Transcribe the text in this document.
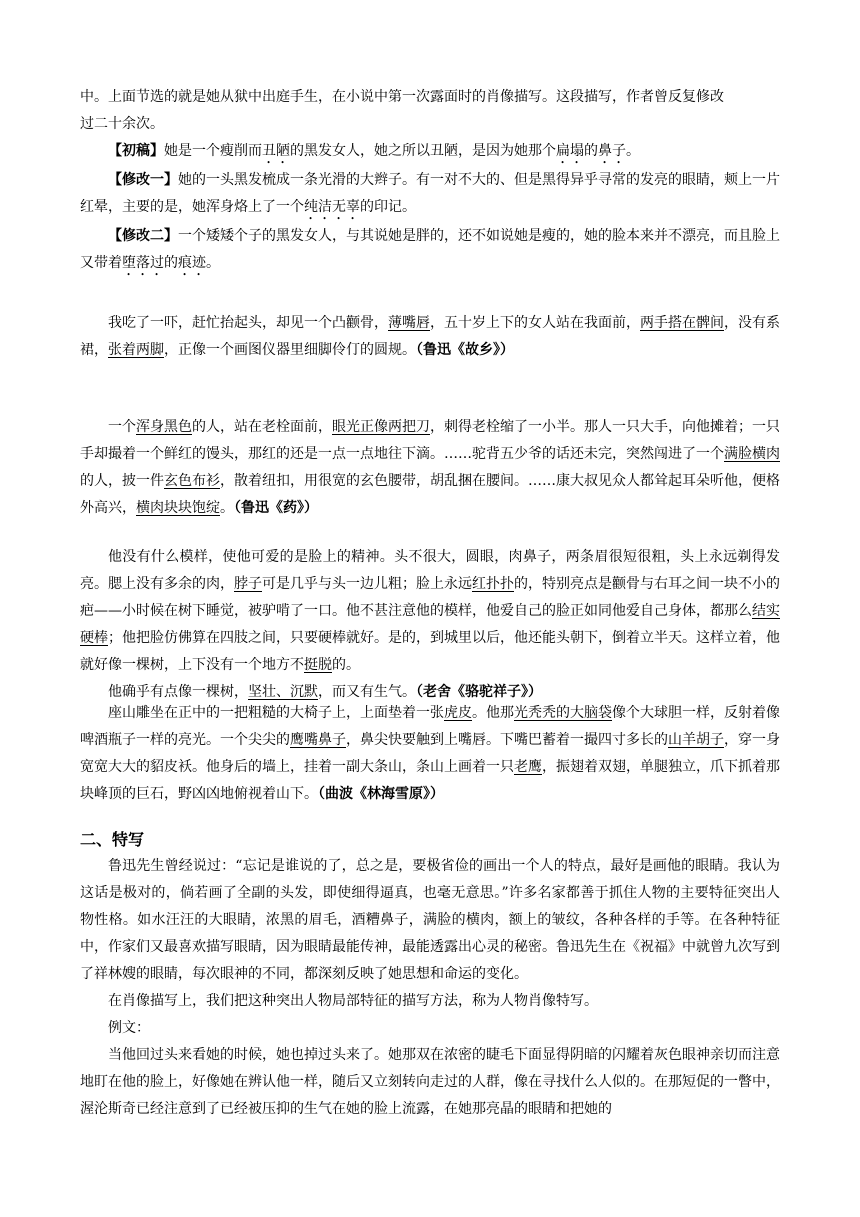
中。上面节选的就是她从狱中出庭手生，在小说中第一次露面时的肖像描写。这段描写，作者曾反复修改

过二十余次。

【初稿】她是一个瘦削而丑陋的黑发女人，她之所以丑陋，是因为她那个扁塌的鼻子。

【修改一】她的一头黑发梳成一条光滑的大辫子。有一对不大的、但是黑得异乎寻常的发亮的眼睛，颊上一片红晕，主要的是，她浑身烙上了一个纯洁无辜的印记。

【修改二】一个矮矮个子的黑发女人，与其说她是胖的，还不如说她是瘦的，她的脸本来并不漂亮，而且脸上又带着堕落过的痕迹。

我吃了一吓，赶忙抬起头，却见一个凸颧骨，薄嘴唇，五十岁上下的女人站在我面前，两手搭在髀间，没有系裙，张着两脚，正像一个画图仪器里细脚伶仃的圆规。（鲁迅《故乡》）

一个浑身黑色的人，站在老栓面前，眼光正像两把刀，刺得老栓缩了一小半。那人一只大手，向他摊着；一只手却撮着一个鲜红的馒头，那红的还是一点一点地往下滴。……驼背五少爷的话还未完，突然闯进了一个满脸横肉的人，披一件玄色布衫，散着纽扣，用很宽的玄色腰带，胡乱捆在腰间。……康大叔见众人都耸起耳朵听他，便格外高兴，横肉块块饱绽。（鲁迅《药》）

他没有什么模样，使他可爱的是脸上的精神。头不很大，圆眼，肉鼻子，两条眉很短很粗，头上永远剃得发亮。腮上没有多余的肉，脖子可是几乎与头一边儿粗；脸上永远红扑扑的，特别亮点是颧骨与右耳之间一块不小的疤——小时候在树下睡觉，被驴啃了一口。他不甚注意他的模样，他爱自己的脸正如同他爱自己身体，都那么结实硬棒；他把脸仿佛算在四肢之间，只要硬棒就好。是的，到城里以后，他还能头朝下，倒着立半天。这样立着，他就好像一棵树，上下没有一个地方不挺脱的。

他确乎有点像一棵树，坚壮、沉默，而又有生气。（老舍《骆驼祥子》）

座山雕坐在正中的一把粗糙的大椅子上，上面垫着一张虎皮。他那光秃秃的大脑袋像个大球胆一样，反射着像啤酒瓶子一样的亮光。一个尖尖的鹰嘴鼻子，鼻尖快要触到上嘴唇。下嘴巴蓄着一撮四寸多长的山羊胡子，穿一身宽宽大大的貂皮袄。他身后的墙上，挂着一副大条山，条山上画着一只老鹰，振翅着双翅，单腿独立，爪下抓着那块峰顶的巨石，野凶凶地俯视着山下。（曲波《林海雪原》）

二、特写

鲁迅先生曾经说过：“忘记是谁说的了，总之是，要极省俭的画出一个人的特点，最好是画他的眼睛。我认为这话是极对的，倘若画了全副的头发，即使细得逼真，也毫无意思。”许多名家都善于抓住人物的主要特征突出人物性格。如水汪汪的大眼睛，浓黑的眉毛，酒糟鼻子，满脸的横肉，额上的皱纹，各种各样的手等。在各种特征中，作家们又最喜欢描写眼睛，因为眼睛最能传神，最能透露出心灵的秘密。鲁迅先生在《祝福》中就曾九次写到了祥林嫂的眼睛，每次眼神的不同，都深刻反映了她思想和命运的变化。

在肖像描写上，我们把这种突出人物局部特征的描写方法，称为人物肖像特写。

例文：

当他回过头来看她的时候，她也掉过头来了。她那双在浓密的睫毛下面显得阴暗的闪耀着灰色眼神亲切而注意地盯在他的脸上，好像她在辨认他一样，随后又立刻转向走过的人群，像在寻找什么人似的。在那短促的一瞥中，渥沦斯奇已经注意到了已经被压抑的生气在她的脸上流露，在她那亮晶的眼睛和把她的
